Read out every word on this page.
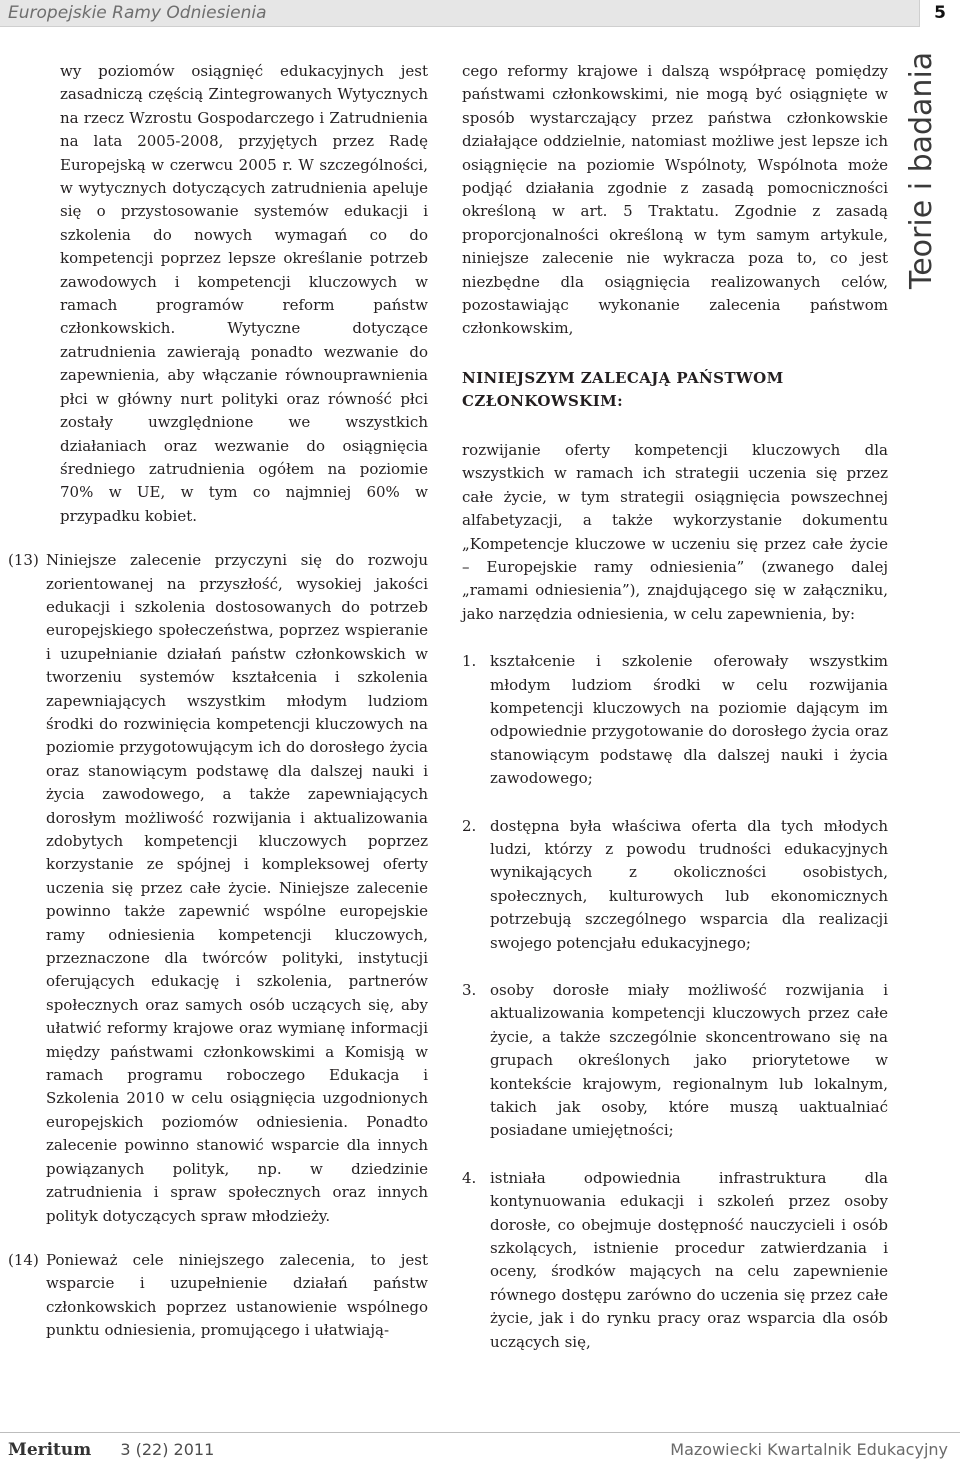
Europejskie Ramy Odniesienia	5
Teorie i badania

wy poziomów osiągnięć edukacyjnych jest zasadniczą częścią Zintegrowanych Wytycznych na rzecz Wzrostu Gospodarczego i Zatrudnienia na lata 2005-2008, przyjętych przez Radę Europejską w czerwcu 2005 r. W szczególności, w wytycznych dotyczących zatrudnienia apeluje się o przystosowanie systemów edukacji i szkolenia do nowych wymagań co do kompetencji poprzez lepsze określanie potrzeb zawodowych i kompetencji kluczowych w ramach programów reform państw członkowskich. Wytyczne dotyczące zatrudnienia zawierają ponadto wezwanie do zapewnienia, aby włączanie równouprawnienia płci w główny nurt polityki oraz równość płci zostały uwzględnione we wszystkich działaniach oraz wezwanie do osiągnięcia średniego zatrudnienia ogółem na poziomie 70% w UE, w tym co najmniej 60% w przypadku kobiet.

(13) Niniejsze zalecenie przyczyni się do rozwoju zorientowanej na przyszłość, wysokiej jakości edukacji i szkolenia dostosowanych do potrzeb europejskiego społeczeństwa, poprzez wspieranie i uzupełnianie działań państw członkowskich w tworzeniu systemów kształcenia i szkolenia zapewniających wszystkim młodym ludziom środki do rozwinięcia kompetencji kluczowych na poziomie przygotowującym ich do dorosłego życia oraz stanowiącym podstawę dla dalszej nauki i życia zawodowego, a także zapewniających dorosłym możliwość rozwijania i aktualizowania zdobytych kompetencji kluczowych poprzez korzystanie ze spójnej i kompleksowej oferty uczenia się przez całe życie. Niniejsze zalecenie powinno także zapewnić wspólne europejskie ramy odniesienia kompetencji kluczowych, przeznaczone dla twórców polityki, instytucji oferujących edukację i szkolenia, partnerów społecznych oraz samych osób uczących się, aby ułatwić reformy krajowe oraz wymianę informacji między państwami członkowskimi a Komisją w ramach programu roboczego Edukacja i Szkolenia 2010 w celu osiągnięcia uzgodnionych europejskich poziomów odniesienia. Ponadto zalecenie powinno stanowić wsparcie dla innych powiązanych polityk, np. w dziedzinie zatrudnienia i spraw społecznych oraz innych polityk dotyczących spraw młodzieży.

(14) Ponieważ cele niniejszego zalecenia, to jest wsparcie i uzupełnienie działań państw członkowskich poprzez ustanowienie wspólnego punktu odniesienia, promującego i ułatwiają-

cego reformy krajowe i dalszą współpracę pomiędzy państwami członkowskimi, nie mogą być osiągnięte w sposób wystarczający przez państwa członkowskie działające oddzielnie, natomiast możliwe jest lepsze ich osiągnięcie na poziomie Wspólnoty, Wspólnota może podjąć działania zgodnie z zasadą pomocniczności określoną w art. 5 Traktatu. Zgodnie z zasadą proporcjonalności określoną w tym samym artykule, niniejsze zalecenie nie wykracza poza to, co jest niezbędne dla osiągnięcia realizowanych celów, pozostawiając wykonanie zalecenia państwom członkowskim,

NINIEJSZYM ZALECAJĄ PAŃSTWOM CZŁONKOWSKIM:

rozwijanie oferty kompetencji kluczowych dla wszystkich w ramach ich strategii uczenia się przez całe życie, w tym strategii osiągnięcia powszechnej alfabetyzacji, a także wykorzystanie dokumentu „Kompetencje kluczowe w uczeniu się przez całe życie – Europejskie ramy odniesienia” (zwanego dalej „ramami odniesienia”), znajdującego się w załączniku, jako narzędzia odniesienia, w celu zapewnienia, by:

1. kształcenie i szkolenie oferowały wszystkim młodym ludziom środki w celu rozwijania kompetencji kluczowych na poziomie dającym im odpowiednie przygotowanie do dorosłego życia oraz stanowiącym podstawę dla dalszej nauki i życia zawodowego;
2. dostępna była właściwa oferta dla tych młodych ludzi, którzy z powodu trudności edukacyjnych wynikających z okoliczności osobistych, społecznych, kulturowych lub ekonomicznych potrzebują szczególnego wsparcia dla realizacji swojego potencjału edukacyjnego;
3. osoby dorosłe miały możliwość rozwijania i aktualizowania kompetencji kluczowych przez całe życie, a także szczególnie skoncentrowano się na grupach określonych jako priorytetowe w kontekście krajowym, regionalnym lub lokalnym, takich jak osoby, które muszą uaktualniać posiadane umiejętności;
4. istniała odpowiednia infrastruktura dla kontynuowania edukacji i szkoleń przez osoby dorosłe, co obejmuje dostępność nauczycieli i osób szkolących, istnienie procedur zatwierdzania i oceny, środków mających na celu zapewnienie równego dostępu zarówno do uczenia się przez całe życie, jak i do rynku pracy oraz wsparcia dla osób uczących się,
Meritum 3 (22) 2011	Mazowiecki Kwartalnik Edukacyjny
